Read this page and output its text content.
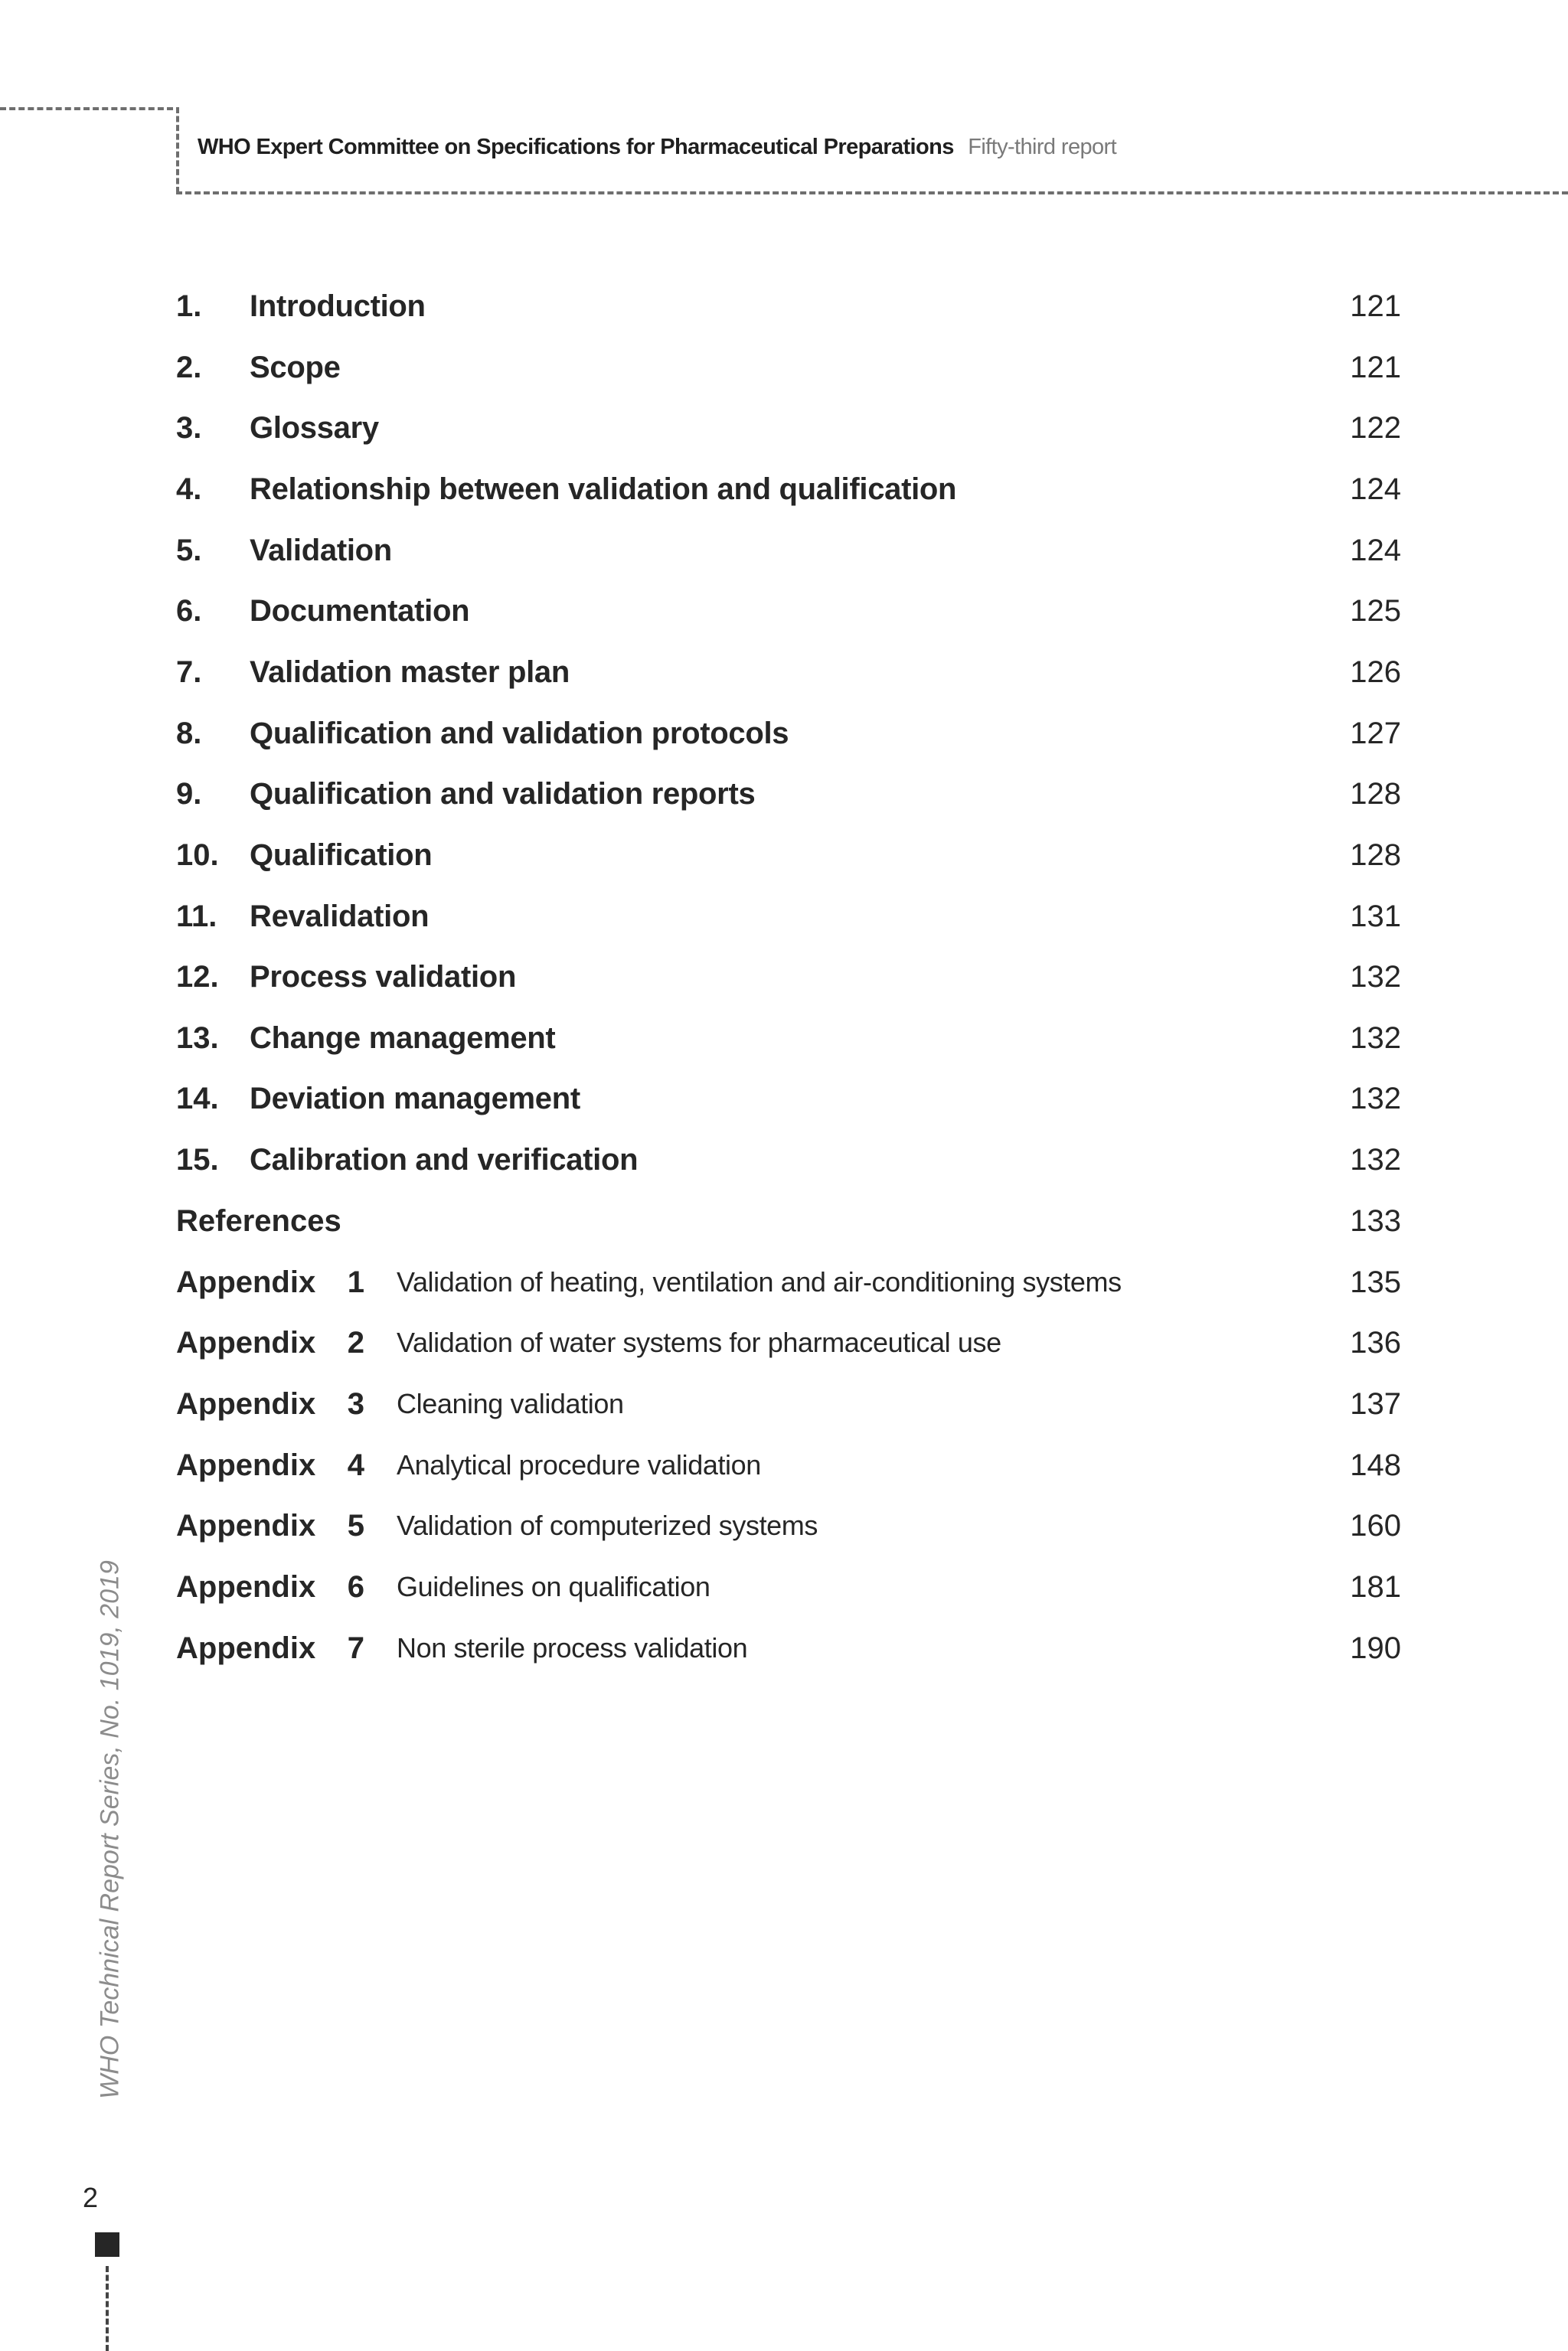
WHO Expert Committee on Specifications for Pharmaceutical Preparations Fifty-third report
1. Introduction	121
2. Scope	121
3. Glossary	122
4. Relationship between validation and qualification	124
5. Validation	124
6. Documentation	125
7. Validation master plan	126
8. Qualification and validation protocols	127
9. Qualification and validation reports	128
10. Qualification	128
11. Revalidation	131
12. Process validation	132
13. Change management	132
14. Deviation management	132
15. Calibration and verification	132
References	133
Appendix	1 Validation of heating, ventilation and air-conditioning systems	135
Appendix	2 Validation of water systems for pharmaceutical use	136
Appendix	3 Cleaning validation	137
Appendix	4 Analytical procedure validation	148
Appendix	5 Validation of computerized systems	160
Appendix	6 Guidelines on qualification	181
Appendix	7 Non sterile process validation	190
WHO Technical Report Series, No. 1019, 2019
2
